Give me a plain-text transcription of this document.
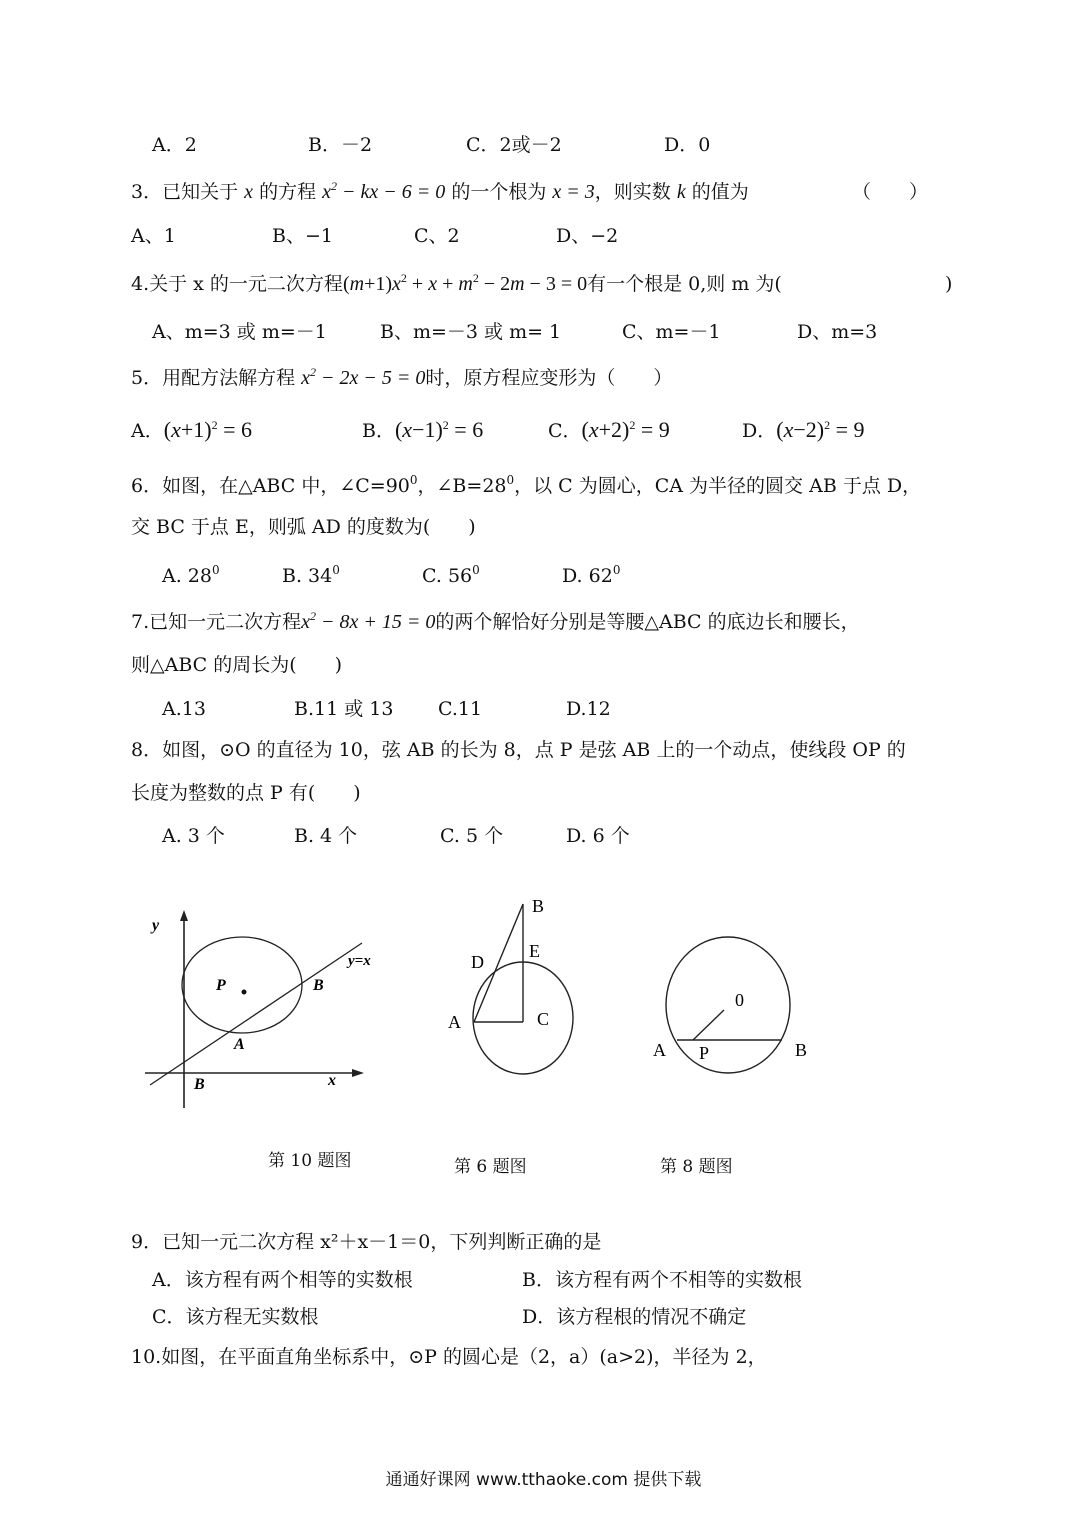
A．2	B．－2	C．2或－2	D．0
3．已知关于 x 的方程 $x^2$ − kx − 6 = 0 的一个根为 x = 3，则实数 k 的值为	（　　）
A、1	B、−1	C、2	D、−2
4.关于 x 的一元二次方程$(m+1)x^2 + x + m^2 - 2m - 3 = 0$有一个根是 0,则 m 为(	)
A、m=3 或 m=－1	B、m=－3 或 m= 1	C、m=－1	D、m=3
5．用配方法解方程 $x^2 - 2x - 5 = 0$时，原方程应变形为（　　）
A．$(x+1)^2 = 6$	B．$(x-1)^2 = 6$	C．$(x+2)^2 = 9$	D．$(x-2)^2 = 9$
6．如图，在△ABC 中，$\angle C=90^0$，$\angle B=28^0$，以 C 为圆心，CA 为半径的圆交 AB 于点 D，
交 BC 于点 E，则弧 AD 的度数为(　　)
A. $28^0$	B. $34^0$	C. $56^0$	D. $62^0$
7.已知一元二次方程$x^2 - 8x + 15 = 0$的两个解恰好分别是等腰△ABC 的底边长和腰长，
则△ABC 的周长为(　　)
A.13	B.11 或 13 C.11	D.12
8．如图，⊙O 的直径为 10，弦 AB 的长为 8，点 P 是弦 AB 上的一个动点，使线段 OP 的
长度为整数的点 P 有(　　)
A. 3 个	B. 4 个	C. 5 个	D. 6 个
y
x
P	B
A
B
y=x
第 10 题图
B
D
E
A	C
第 6 题图
0
A P	B
第 8 题图
9．已知一元二次方程 x²＋x－1＝0，下列判断正确的是
A．该方程有两个相等的实数根	B．该方程有两个不相等的实数根
C．该方程无实数根	D．该方程根的情况不确定
10.如图，在平面直角坐标系中，⊙P 的圆心是（2，a）(a>2)，半径为 2，
通通好课网 www.tthaoke.com 提供下载
